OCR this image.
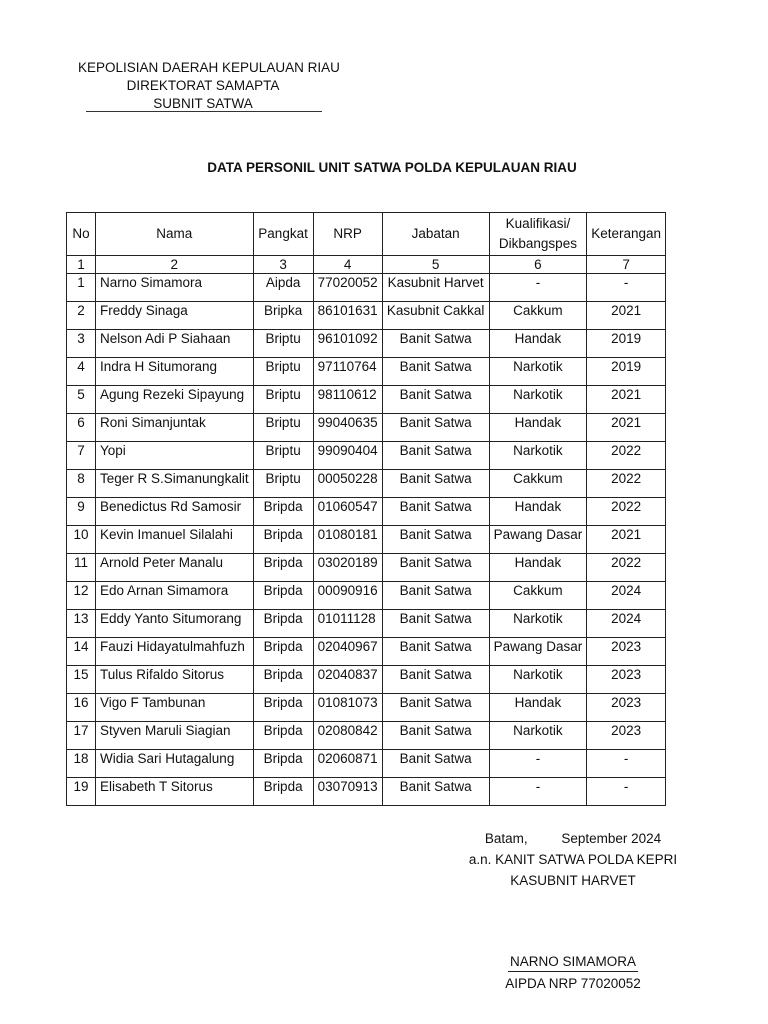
KEPOLISIAN DAERAH KEPULAUAN RIAU
DIREKTORAT SAMAPTA
SUBNIT SATWA
DATA PERSONIL UNIT SATWA POLDA KEPULAUAN RIAU
No	Nama	Pangkat	NRP	Jabatan	Kualifikasi/
Dikbangspes	Keterangan
1	2	3	4	5	6	7
1	Narno Simamora	Aipda	77020052	Kasubnit Harvet	-	-
2	Freddy Sinaga	Bripka	86101631	Kasubnit Cakkal	Cakkum	2021
3	Nelson Adi P Siahaan	Briptu	96101092	Banit Satwa	Handak	2019
4	Indra H Situmorang	Briptu	97110764	Banit Satwa	Narkotik	2019
5	Agung Rezeki Sipayung	Briptu	98110612	Banit Satwa	Narkotik	2021
6	Roni Simanjuntak	Briptu	99040635	Banit Satwa	Handak	2021
7	Yopi	Briptu	99090404	Banit Satwa	Narkotik	2022
8	Teger R S.Simanungkalit	Briptu	00050228	Banit Satwa	Cakkum	2022
9	Benedictus Rd Samosir	Bripda	01060547	Banit Satwa	Handak	2022
10	Kevin Imanuel Silalahi	Bripda	01080181	Banit Satwa	Pawang Dasar	2021
11	Arnold Peter Manalu	Bripda	03020189	Banit Satwa	Handak	2022
12	Edo Arnan Simamora	Bripda	00090916	Banit Satwa	Cakkum	2024
13	Eddy Yanto Situmorang	Bripda	01011128	Banit Satwa	Narkotik	2024
14	Fauzi Hidayatulmahfuzh	Bripda	02040967	Banit Satwa	Pawang Dasar	2023
15	Tulus Rifaldo Sitorus	Bripda	02040837	Banit Satwa	Narkotik	2023
16	Vigo F Tambunan	Bripda	01081073	Banit Satwa	Handak	2023
17	Styven Maruli Siagian	Bripda	02080842	Banit Satwa	Narkotik	2023
18	Widia Sari Hutagalung	Bripda	02060871	Banit Satwa	-	-
19	Elisabeth T Sitorus	Bripda	03070913	Banit Satwa	-	-
Batam,	September 2024
a.n. KANIT SATWA POLDA KEPRI
KASUBNIT HARVET
NARNO SIMAMORA
AIPDA NRP 77020052
